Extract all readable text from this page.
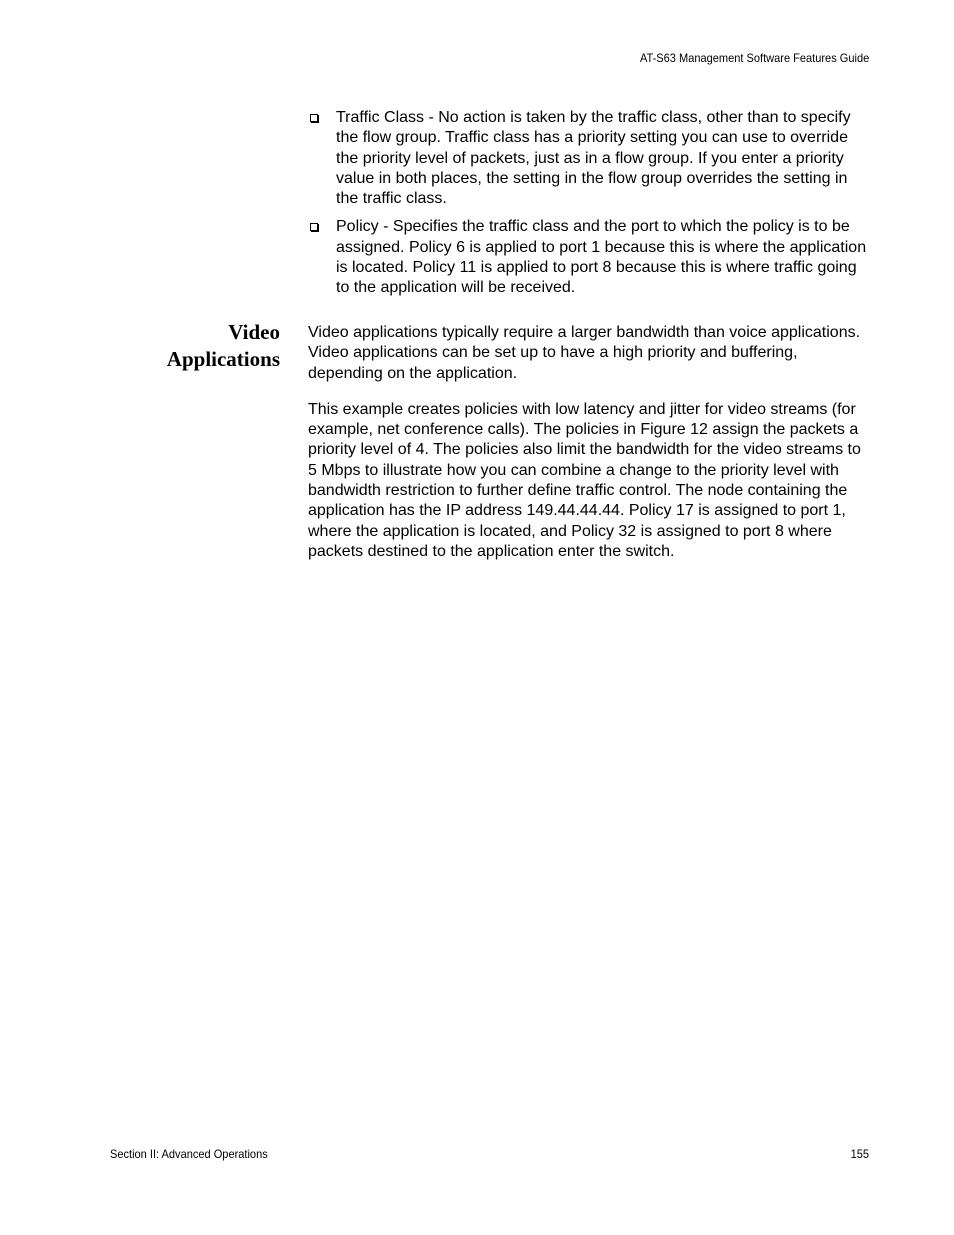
AT-S63 Management Software Features Guide
Traffic Class - No action is taken by the traffic class, other than to specify the flow group. Traffic class has a priority setting you can use to override the priority level of packets, just as in a flow group. If you enter a priority value in both places, the setting in the flow group overrides the setting in the traffic class.
Policy - Specifies the traffic class and the port to which the policy is to be assigned. Policy 6 is applied to port 1 because this is where the application is located. Policy 11 is applied to port 8 because this is where traffic going to the application will be received.
Video
Applications

Video applications typically require a larger bandwidth than voice applications. Video applications can be set up to have a high priority and buffering, depending on the application.

This example creates policies with low latency and jitter for video streams (for example, net conference calls). The policies in Figure 12 assign the packets a priority level of 4. The policies also limit the bandwidth for the video streams to 5 Mbps to illustrate how you can combine a change to the priority level with bandwidth restriction to further define traffic control. The node containing the application has the IP address 149.44.44.44. Policy 17 is assigned to port 1, where the application is located, and Policy 32 is assigned to port 8 where packets destined to the application enter the switch.

Section II: Advanced Operations	155
